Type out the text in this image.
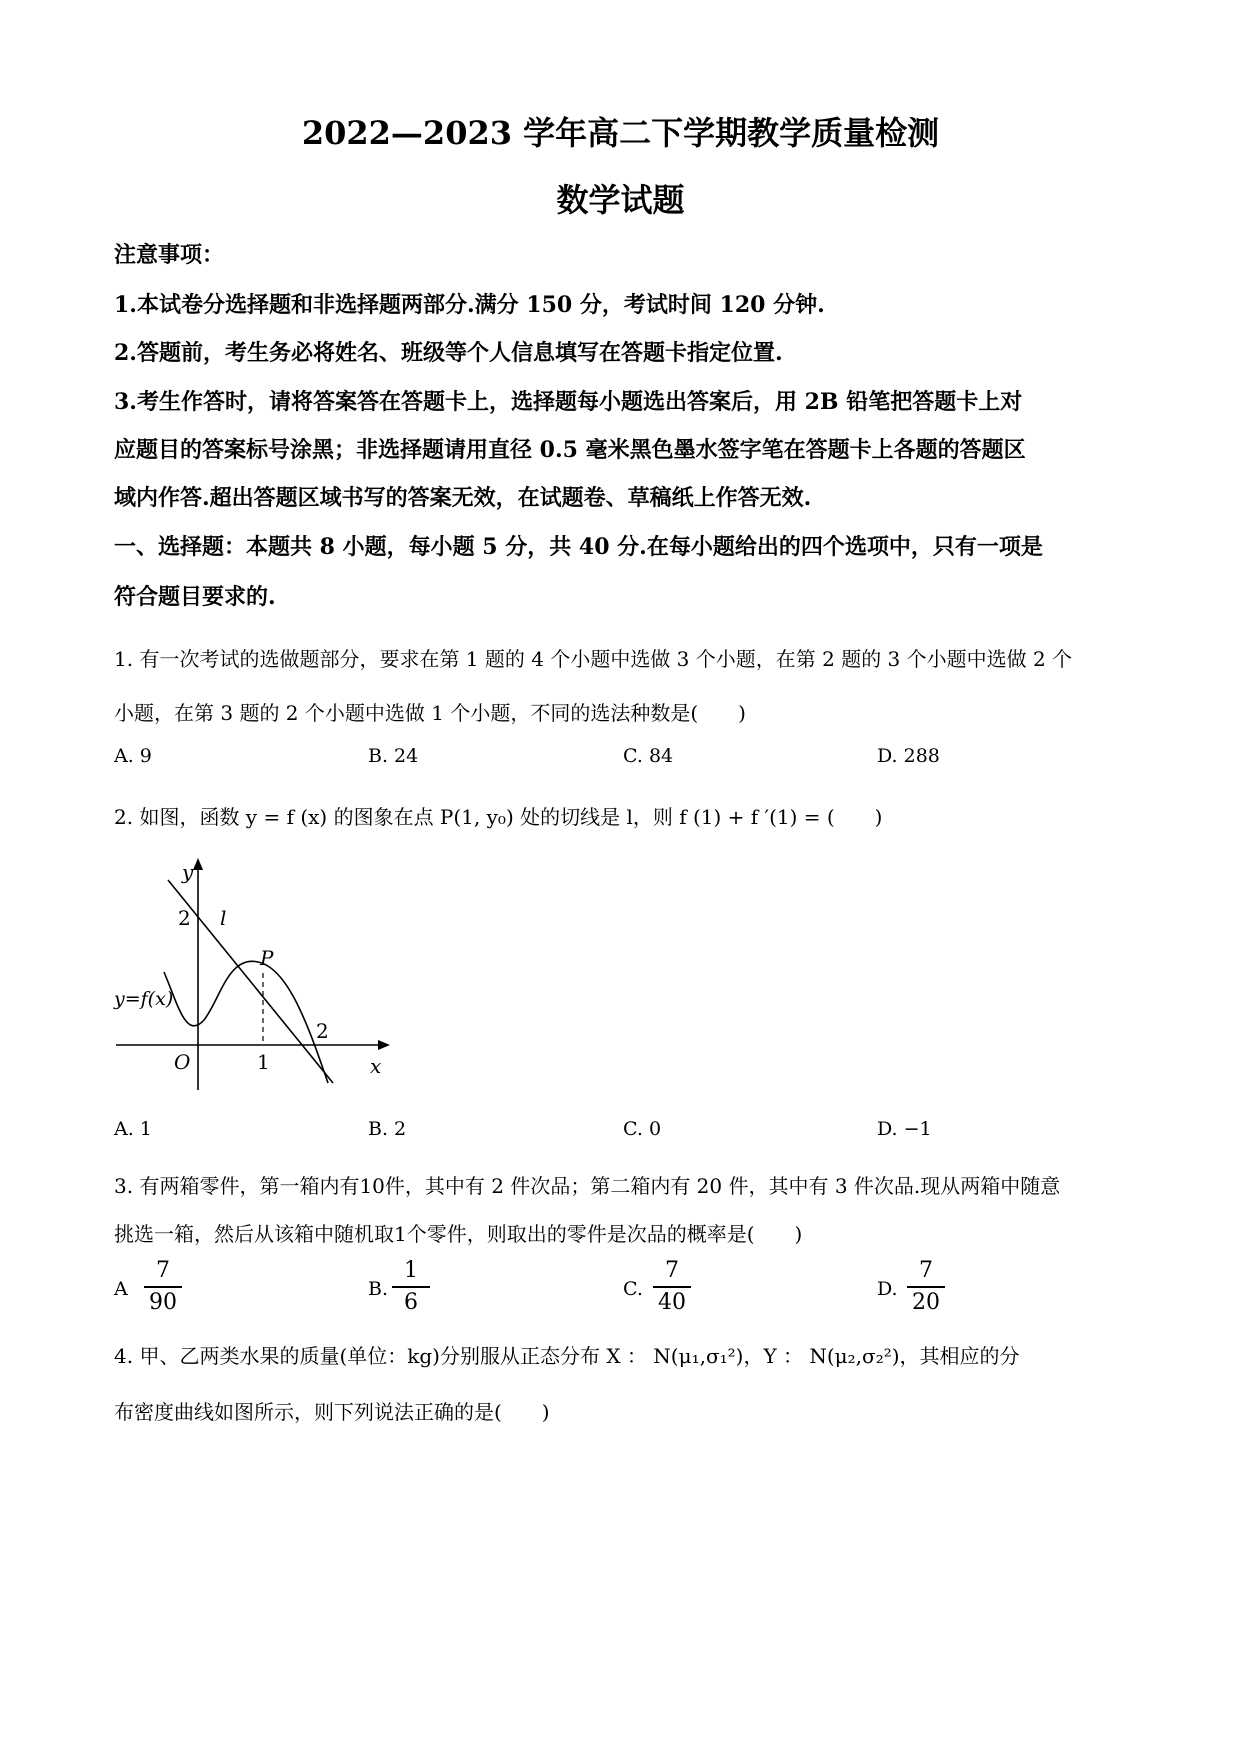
2022—2023 学年高二下学期教学质量检测
数学试题
注意事项：
1.本试卷分选择题和非选择题两部分.满分 150 分，考试时间 120 分钟.
2.答题前，考生务必将姓名、班级等个人信息填写在答题卡指定位置.
3.考生作答时，请将答案答在答题卡上，选择题每小题选出答案后，用 2B 铅笔把答题卡上对
应题目的答案标号涂黑；非选择题请用直径 0.5 毫米黑色墨水签字笔在答题卡上各题的答题区
域内作答.超出答题区域书写的答案无效，在试题卷、草稿纸上作答无效.
一、选择题：本题共 8 小题，每小题 5 分，共 40 分.在每小题给出的四个选项中，只有一项是
符合题目要求的.
1. 有一次考试的选做题部分，要求在第 1 题的 4 个小题中选做 3 个小题，在第 2 题的 3 个小题中选做 2 个
小题，在第 3 题的 2 个小题中选做 1 个小题，不同的选法种数是(　　)
A. 9	B. 24	C. 84	D. 288
2. 如图，函数 y = f (x) 的图象在点 P(1, y₀) 处的切线是 l，则 f (1) + f ′(1) = (　　)
y
x
O
2
2
1
P
l
y=f(x)
A. 1	B. 2	C. 0	D. −1
3. 有两箱零件，第一箱内有10件，其中有 2 件次品；第二箱内有 20 件，其中有 3 件次品.现从两箱中随意
挑选一箱，然后从该箱中随机取1个零件，则取出的零件是次品的概率是(　　)
A
7
90
B.
1
6
C.
7
40
D.
7
20
4. 甲、乙两类水果的质量(单位：kg)分别服从正态分布 X ： N(μ₁,σ₁²)，Y ： N(μ₂,σ₂²)，其相应的分
布密度曲线如图所示，则下列说法正确的是(　　)
